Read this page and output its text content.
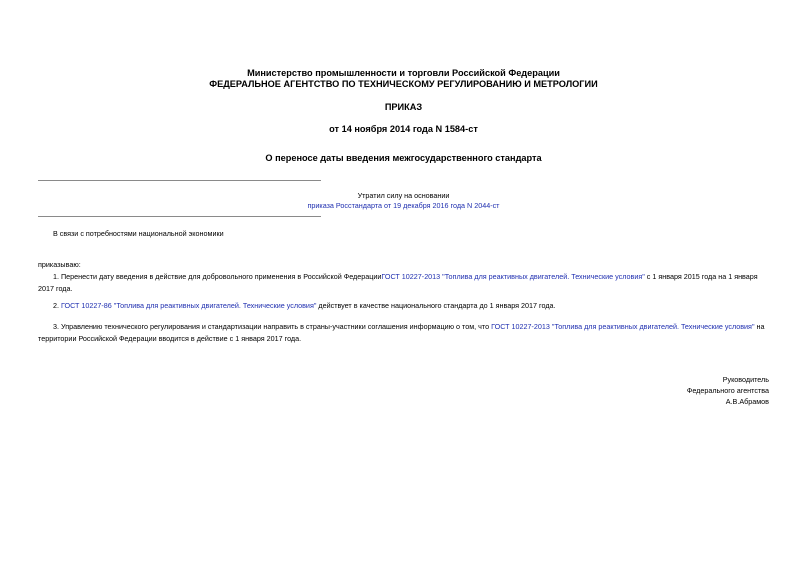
Министерство промышленности и торговли Российской Федерации
ФЕДЕРАЛЬНОЕ АГЕНТСТВО ПО ТЕХНИЧЕСКОМУ РЕГУЛИРОВАНИЮ И МЕТРОЛОГИИ
ПРИКАЗ
от 14 ноября 2014 года N 1584-ст
О переносе даты введения межгосударственного стандарта
Утратил силу на основании
приказа Росстандарта от 19 декабря 2016 года N 2044-ст
В связи с потребностями национальной экономики
приказываю:
1. Перенести дату введения в действие для добровольного применения в Российской ФедерацииГОСТ 10227-2013 "Топлива для реактивных двигателей. Технические условия" с 1 января 2015 года на 1 января 2017 года.
2. ГОСТ 10227-86 "Топлива для реактивных двигателей. Технические условия" действует в качестве национального стандарта до 1 января 2017 года.
3. Управлению технического регулирования и стандартизации направить в страны-участники соглашения информацию о том, что ГОСТ 10227-2013 "Топлива для реактивных двигателей. Технические условия" на территории Российской Федерации вводится в действие с 1 января 2017 года.
Руководитель
Федерального агентства
А.В.Абрамов
